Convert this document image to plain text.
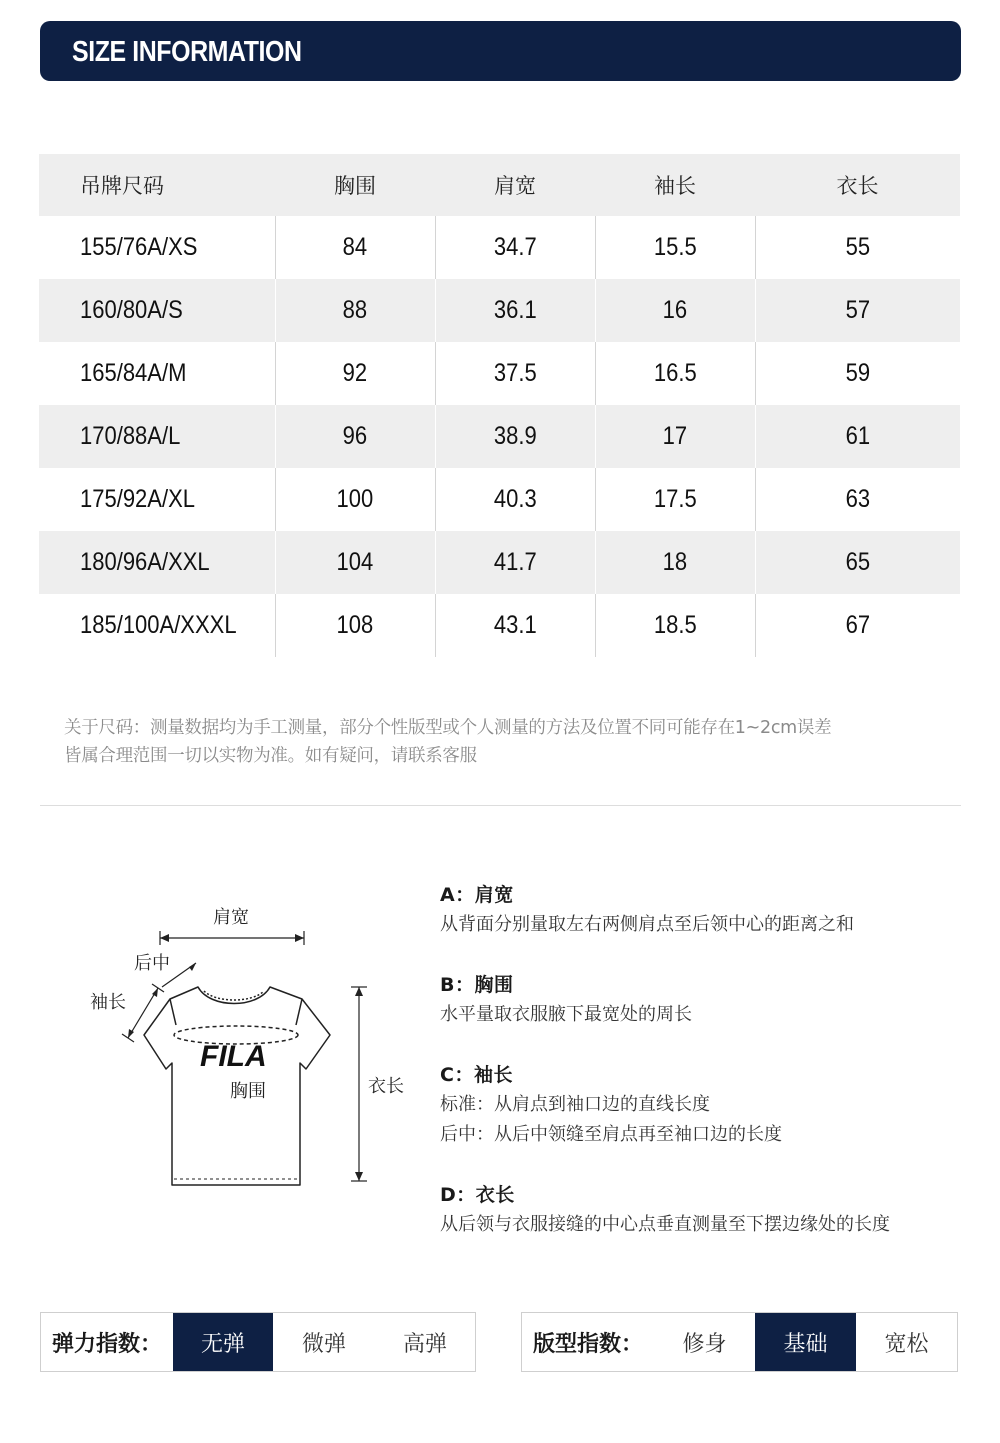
SIZE INFORMATION
吊牌尺码	胸围	肩宽	袖长	衣长
155/76A/XS	84	34.7	15.5	55
160/80A/S	88	36.1	16	57
165/84A/M	92	37.5	16.5	59
170/88A/L	96	38.9	17	61
175/92A/XL	100	40.3	17.5	63
180/96A/XXL	104	41.7	18	65
185/100A/XXXL	108	43.1	18.5	67

关于尺码：测量数据均为手工测量，部分个性版型或个人测量的方法及位置不同可能存在1~2cm误差

皆属合理范围一切以实物为准。如有疑问，请联系客服

FILA
肩宽
后中
袖长
胸围	衣长
A：肩宽
从背面分别量取左右两侧肩点至后领中心的距离之和
B：胸围
水平量取衣服腋下最宽处的周长
C：袖长
标准：从肩点到袖口边的直线长度
后中：从后中领缝至肩点再至袖口边的长度
D：衣长
从后领与衣服接缝的中心点垂直测量至下摆边缘处的长度
弹力指数：	无弹	微弹	高弹	版型指数：	修身	基础	宽松
